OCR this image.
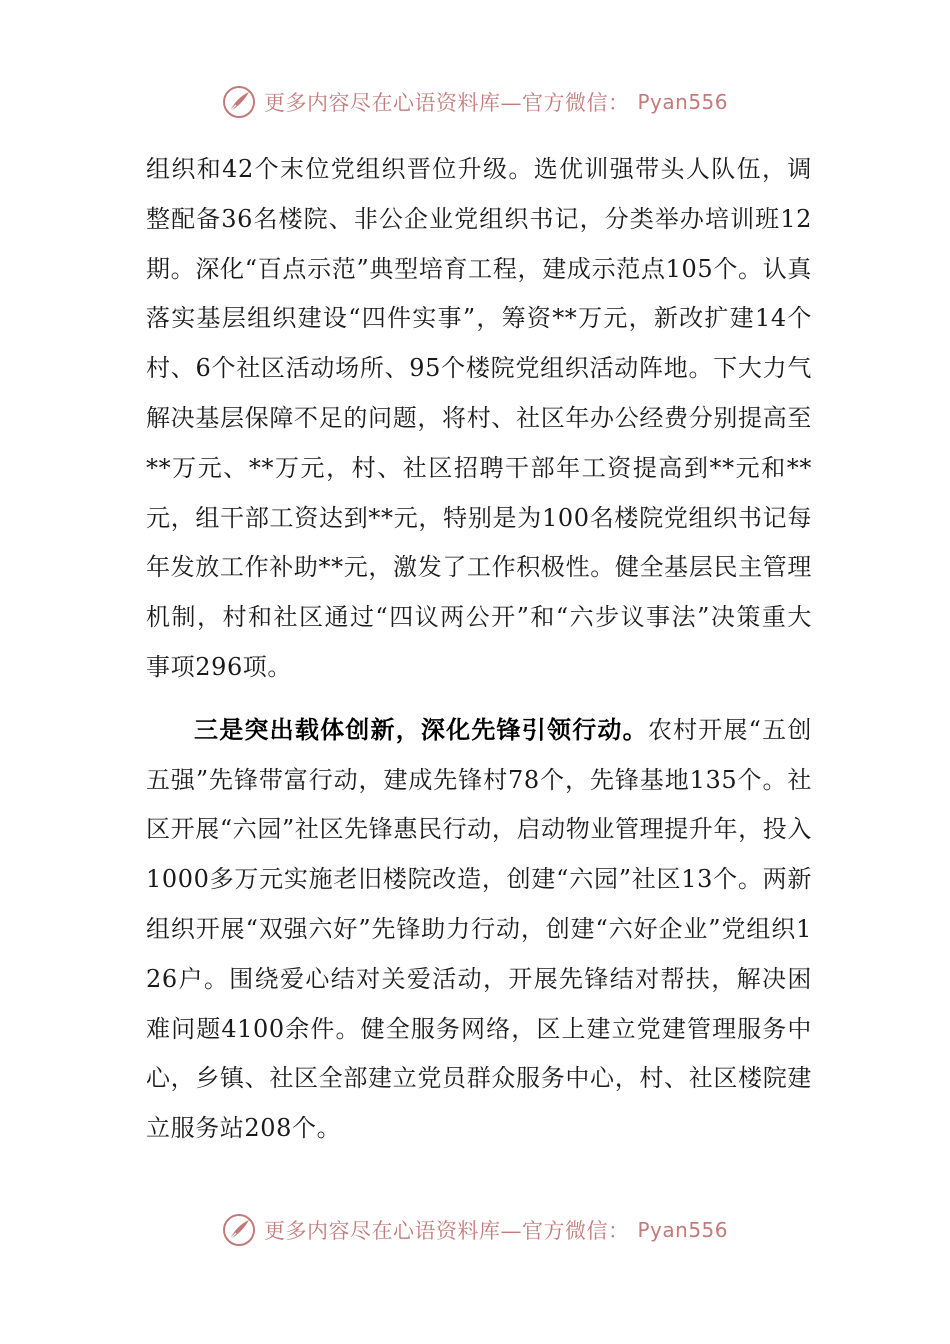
更多内容尽在心语资料库—官方微信： Pyan556

组织和42个末位党组织晋位升级。选优训强带头人队伍，调整配备36名楼院、非公企业党组织书记，分类举办培训班12期。深化“百点示范”典型培育工程，建成示范点105个。认真落实基层组织建设“四件实事”，筹资**万元，新改扩建14个村、6个社区活动场所、95个楼院党组织活动阵地。下大力气解决基层保障不足的问题，将村、社区年办公经费分别提高至**万元、**万元，村、社区招聘干部年工资提高到**元和**元，组干部工资达到**元，特别是为100名楼院党组织书记每年发放工作补助**元，激发了工作积极性。健全基层民主管理机制，村和社区通过“四议两公开”和“六步议事法”决策重大事项296项。

三是突出载体创新，深化先锋引领行动。农村开展“五创五强”先锋带富行动，建成先锋村78个，先锋基地135个。社区开展“六园”社区先锋惠民行动，启动物业管理提升年，投入1000多万元实施老旧楼院改造，创建“六园”社区13个。两新组织开展“双强六好”先锋助力行动，创建“六好企业”党组织126户。围绕爱心结对关爱活动，开展先锋结对帮扶，解决困难问题4100余件。健全服务网络，区上建立党建管理服务中心，乡镇、社区全部建立党员群众服务中心，村、社区楼院建立服务站208个。

更多内容尽在心语资料库—官方微信： Pyan556
